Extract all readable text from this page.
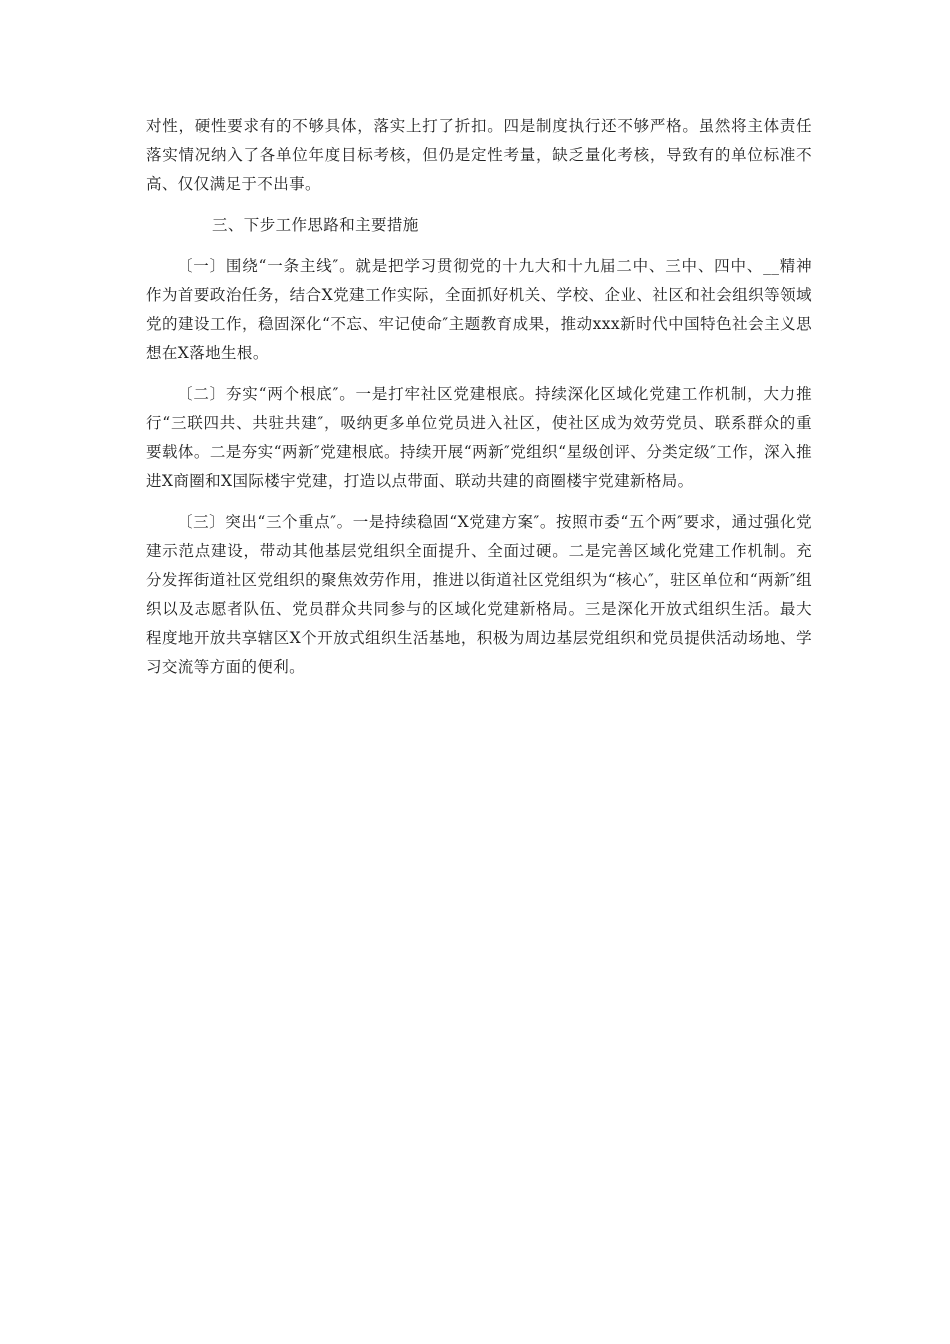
对性，硬性要求有的不够具体，落实上打了折扣。四是制度执行还不够严格。虽然将主体责任落实情况纳入了各单位年度目标考核，但仍是定性考量，缺乏量化考核，导致有的单位标准不高、仅仅满足于不出事。

三、下步工作思路和主要措施

〔一〕围绕“一条主线″。就是把学习贯彻党的十九大和十九届二中、三中、四中、__精神作为首要政治任务，结合X党建工作实际，全面抓好机关、学校、企业、社区和社会组织等领域党的建设工作，稳固深化“不忘、牢记使命″主题教育成果，推动xxx新时代中国特色社会主义思想在X落地生根。

〔二〕夯实“两个根底″。一是打牢社区党建根底。持续深化区域化党建工作机制，大力推行“三联四共、共驻共建″，吸纳更多单位党员进入社区，使社区成为效劳党员、联系群众的重要载体。二是夯实“两新″党建根底。持续开展“两新″党组织“星级创评、分类定级″工作，深入推进X商圈和X国际楼宇党建，打造以点带面、联动共建的商圈楼宇党建新格局。

〔三〕突出“三个重点″。一是持续稳固“X党建方案″。按照市委“五个两″要求，通过强化党建示范点建设，带动其他基层党组织全面提升、全面过硬。二是完善区域化党建工作机制。充分发挥街道社区党组织的聚焦效劳作用，推进以街道社区党组织为“核心″，驻区单位和“两新″组织以及志愿者队伍、党员群众共同参与的区域化党建新格局。三是深化开放式组织生活。最大程度地开放共享辖区X个开放式组织生活基地，积极为周边基层党组织和党员提供活动场地、学习交流等方面的便利。
